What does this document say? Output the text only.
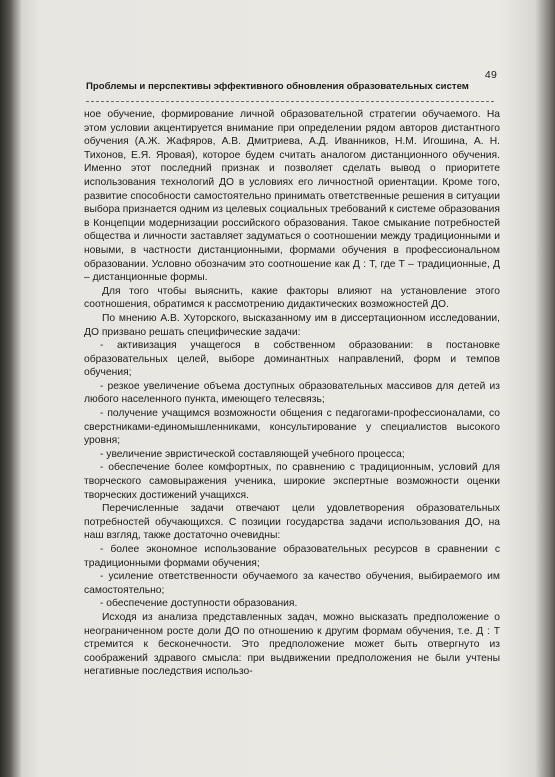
49
Проблемы и перспективы эффективного обновления образовательных систем

ное обучение, формирование личной образовательной стратегии обучаемого. На этом условии акцентируется внимание при определении рядом авторов дистантного обучения (А.Ж. Жафяров, А.В. Дмитриева, А.Д. Иванников, Н.М. Игошина, А. Н. Тихонов, Е.Я. Яровая), которое будем считать аналогом дистанционного обучения. Именно этот последний признак и позволяет сделать вывод о приоритете использования технологий ДО в условиях его личностной ориентации. Кроме того, развитие способности самостоятельно принимать ответственные решения в ситуации выбора признается одним из целевых социальных требований к системе образования в Концепции модернизации российского образования. Такое смыкание потребностей общества и личности заставляет задуматься о соотношении между традиционными и новыми, в частности дистанционными, формами обучения в профессиональном образовании. Условно обозначим это соотношение как Д : Т, где Т – традиционные, Д – дистанционные формы.

Для того чтобы выяснить, какие факторы влияют на установление этого соотношения, обратимся к рассмотрению дидактических возможностей ДО.

По мнению А.В. Хуторского, высказанному им в диссертационном исследовании, ДО призвано решать специфические задачи:

- активизация учащегося в собственном образовании: в постановке образовательных целей, выборе доминантных направлений, форм и темпов обучения;

- резкое увеличение объема доступных образовательных массивов для детей из любого населенного пункта, имеющего телесвязь;

- получение учащимся возможности общения с педагогами-профессионалами, со сверстниками-единомышленниками, консультирование у специалистов высокого уровня;

- увеличение эвристической составляющей учебного процесса;

- обеспечение более комфортных, по сравнению с традиционным, условий для творческого самовыражения ученика, широкие экспертные возможности оценки творческих достижений учащихся.

Перечисленные задачи отвечают цели удовлетворения образовательных потребностей обучающихся. С позиции государства задачи использования ДО, на наш взгляд, также достаточно очевидны:

- более экономное использование образовательных ресурсов в сравнении с традиционными формами обучения;

- усиление ответственности обучаемого за качество обучения, выбираемого им самостоятельно;

- обеспечение доступности образования.

Исходя из анализа представленных задач, можно высказать предположение о неограниченном росте доли ДО по отношению к другим формам обучения, т.е. Д : Т стремится к бесконечности. Это предположение может быть отвергнуто из соображений здравого смысла: при выдвижении предположения не были учтены негативные последствия использо-
